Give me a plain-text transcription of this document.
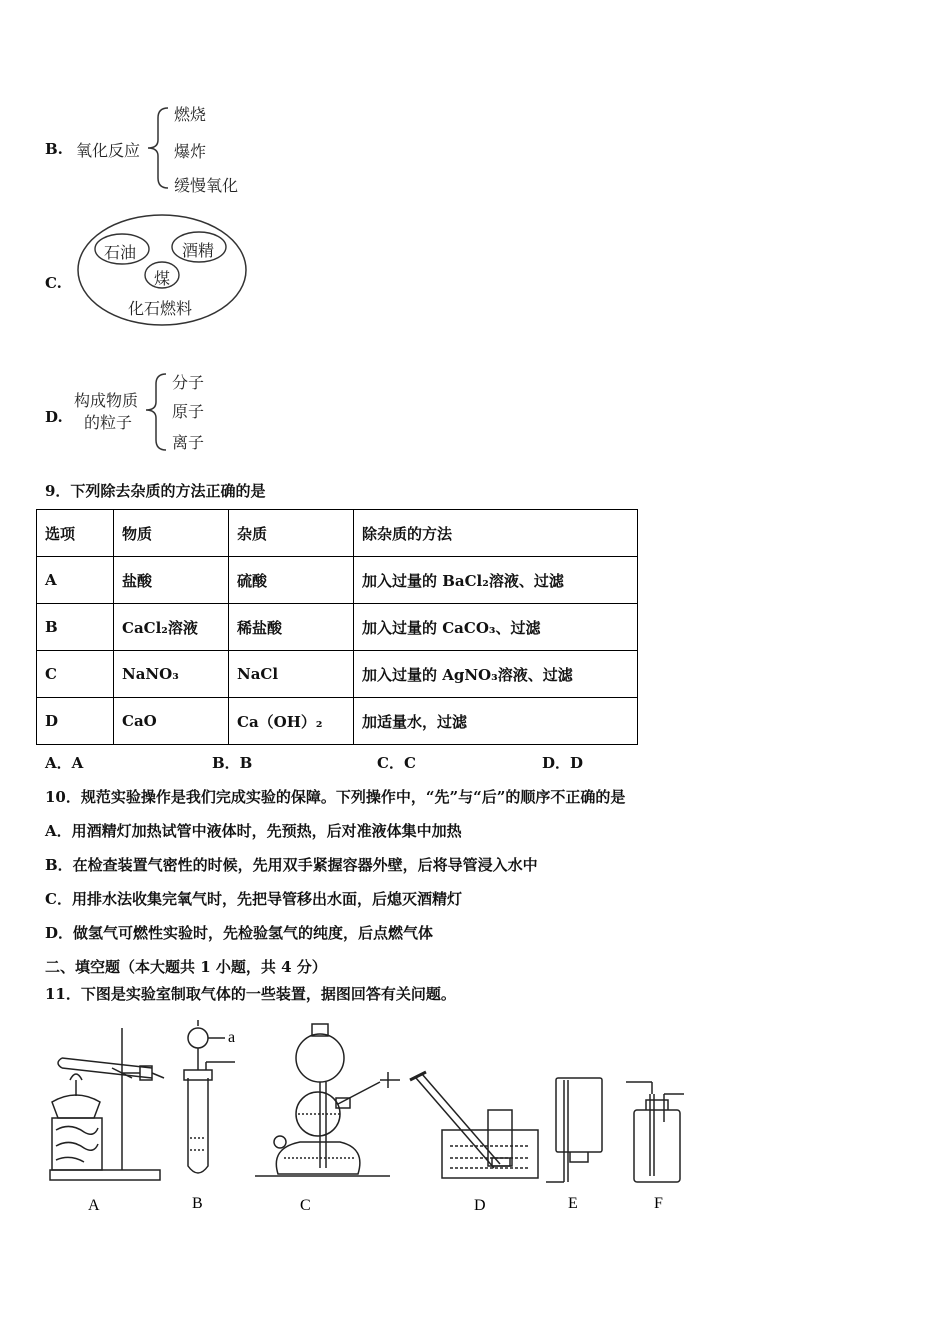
B. 氧化反应
燃烧
爆炸
缓慢氧化
C.
石油	酒精
煤
化石燃料
D.
构成物质
的粒子
分子
原子
离子
9．下列除去杂质的方法正确的是
选项	物质	杂质	除杂质的方法
A	盐酸	硫酸	加入过量的 BaCl₂溶液、过滤
B	CaCl₂溶液	稀盐酸	加入过量的 CaCO₃、过滤
C	NaNO₃	NaCl	加入过量的 AgNO₃溶液、过滤
D	CaO	Ca（OH）₂	加适量水，过滤
A．A	B．B	C．C	D．D
10．规范实验操作是我们完成实验的保障。下列操作中，“先”与“后”的顺序不正确的是
A．用酒精灯加热试管中液体时，先预热，后对准液体集中加热
B．在检查装置气密性的时候，先用双手紧握容器外壁，后将导管浸入水中
C．用排水法收集完氧气时，先把导管移出水面，后熄灭酒精灯
D．做氢气可燃性实验时，先检验氢气的纯度，后点燃气体
二、填空题（本大题共 1 小题，共 4 分）
11．下图是实验室制取气体的一些装置，据图回答有关问题。
a
A	B	C	D	E	F
